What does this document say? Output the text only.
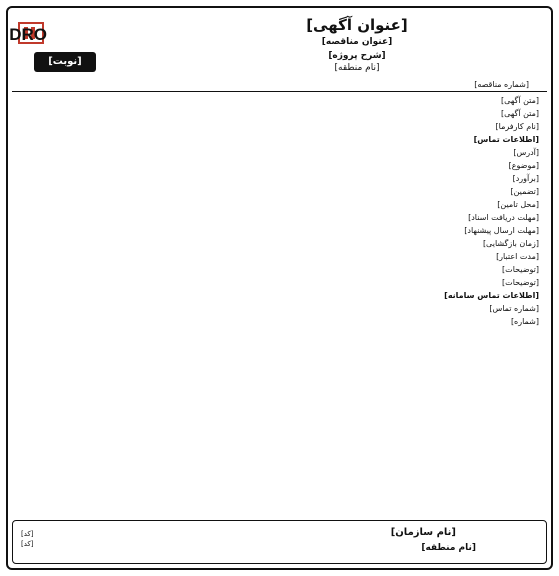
[عنوان آگهی]
[عنوان مناقصه]
[شرح پروژه]
[نام منطقه]
DRO
[نوبت]
[شماره مناقصه]

[متن آگهی]

[متن آگهی]

[نام کارفرما]

[اطلاعات تماس]

[آدرس]

[موضوع]

[برآورد]

[تضمین]

[محل تامین]

[مهلت دریافت اسناد]

[مهلت ارسال پیشنهاد]

[زمان بازگشایی]

[مدت اعتبار]

[توضیحات]

[توضیحات]

[اطلاعات تماس سامانه]

[شماره تماس]

[شماره]

[نام سازمان]
[نام منطقه]
[کد]
[کد]
